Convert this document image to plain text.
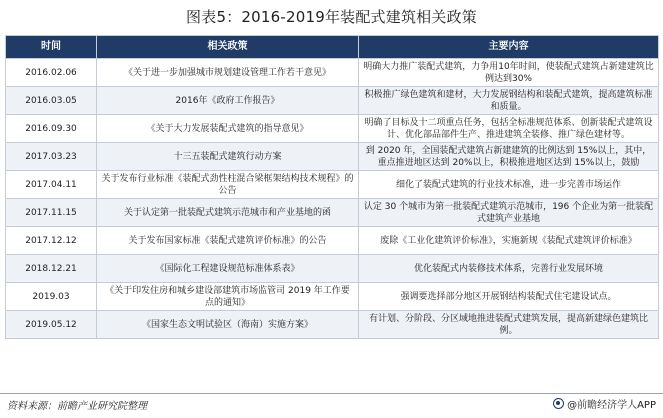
图表5：2016-2019年装配式建筑相关政策
时间	相关政策	主要内容
2016.02.06	《关于进一步加强城市规划建设管理工作若干意见》	明确大力推广装配式建筑，力争用10年时间，使装配式建筑占新建建筑比例达到30%
2016.03.05	2016年《政府工作报告》	积极推广绿色建筑和建材，大力发展钢结构和装配式建筑，提高建筑标准和质量。
2016.09.30	《关于大力发展装配式建筑的指导意见》	明确了目标及十二项重点任务，包括全标准规范体系、创新装配式建筑设计、优化部品部件生产、推进建筑全装修、推广绿色建材等。
2017.03.23	十三五装配式建筑行动方案	到 2020 年，全国装配式建筑占新建建筑的比例达到 15%以上，其中，重点推进地区达到 20%以上，积极推进地区达到 15%以上，鼓励
2017.04.11	关于发布行业标准《装配式劲性柱混合梁框架结构技术规程》的公告	细化了装配式建筑的行业技术标准，进一步完善市场运作
2017.11.15	关于认定第一批装配式建筑示范城市和产业基地的函	认定 30 个城市为第一批装配式建筑示范城市，196 个企业为第一批装配式建筑产业基地
2017.12.12	关于发布国家标准《装配式建筑评价标准》的公告	废除《工业化建筑评价标准》，实施新规《装配式建筑评价标准》
2018.12.21	《国际化工程建设规范标准体系表》	优化装配式内装修技术体系，完善行业发展环境
2019.03	《关于印发住房和城乡建设部建筑市场监管司 2019 年工作要点的通知》	强调要选择部分地区开展钢结构装配式住宅建设试点。
2019.05.12	《国家生态文明试验区（海南）实施方案》	有计划、分阶段、分区域地推进装配式建筑发展，提高新建绿色建筑比例。
资料来源：前瞻产业研究院整理	@前瞻经济学人APP
